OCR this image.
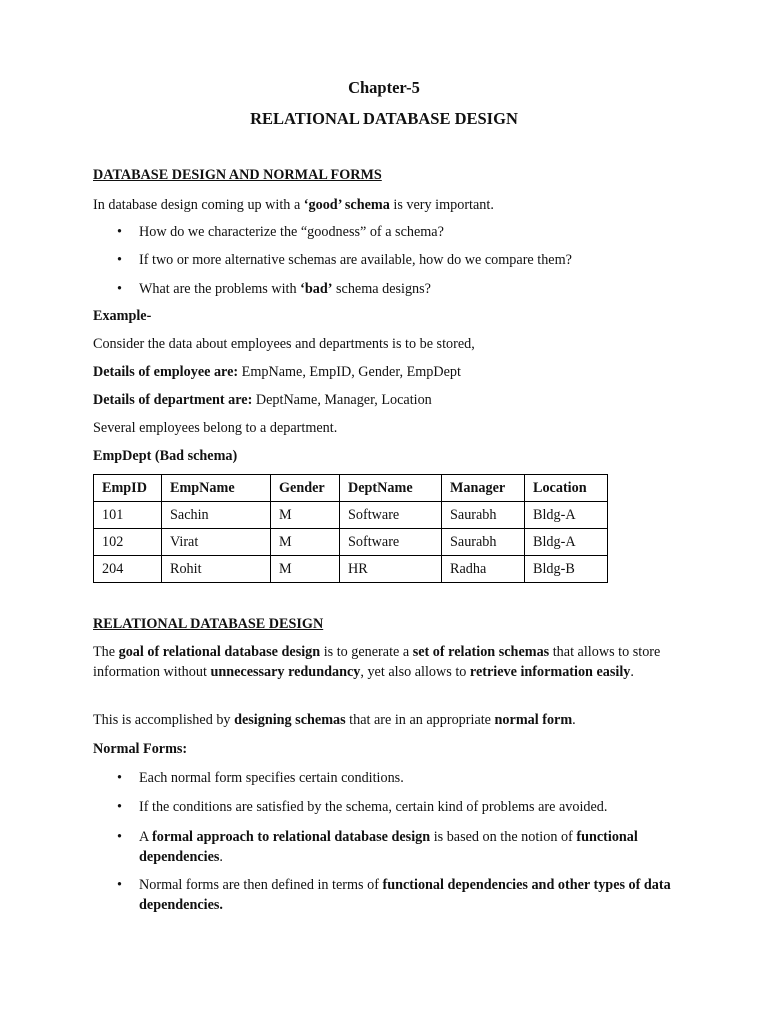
Chapter-5
RELATIONAL DATABASE DESIGN
DATABASE DESIGN AND NORMAL FORMS
In database design coming up with a ‘good’ schema is very important.
• How do we characterize the “goodness” of a schema?
• If two or more alternative schemas are available, how do we compare them?
• What are the problems with ‘bad’ schema designs?
Example-
Consider the data about employees and departments is to be stored,
Details of employee are: EmpName, EmpID, Gender, EmpDept
Details of department are: DeptName, Manager, Location
Several employees belong to a department.
EmpDept (Bad schema)
EmpID	EmpName	Gender	DeptName	Manager	Location
101	Sachin	M	Software	Saurabh	Bldg-A
102	Virat	M	Software	Saurabh	Bldg-A
204	Rohit	M	HR	Radha	Bldg-B
RELATIONAL DATABASE DESIGN
The goal of relational database design is to generate a set of relation schemas that allows to store information without unnecessary redundancy, yet also allows to retrieve information easily.
This is accomplished by designing schemas that are in an appropriate normal form.
Normal Forms:
• Each normal form specifies certain conditions.
• If the conditions are satisfied by the schema, certain kind of problems are avoided.
• A formal approach to relational database design is based on the notion of functional dependencies.
• Normal forms are then defined in terms of functional dependencies and other types of data dependencies.
